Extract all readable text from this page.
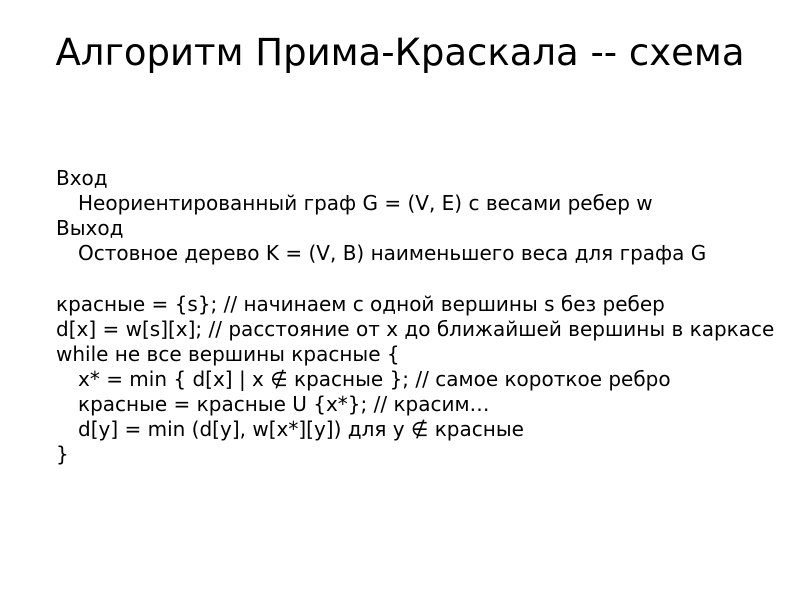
Алгоритм Прима-Краскала -- схема
Вход
Неориентированный граф G = (V, E) с весами ребер w
Выход
Остовное дерево K = (V, B) наименьшего веса для графа G
красные = {s}; // начинаем с одной вершины s без ребер
d[x] = w[s][x]; // расстояние от x до ближайшей вершины в каркасе
while не все вершины красные {
x* = min { d[x] | x ∉ красные }; // самое короткое ребро
красные = красные U {x*}; // красим…
d[y] = min (d[y], w[x*][y]) для y ∉ красные
}
